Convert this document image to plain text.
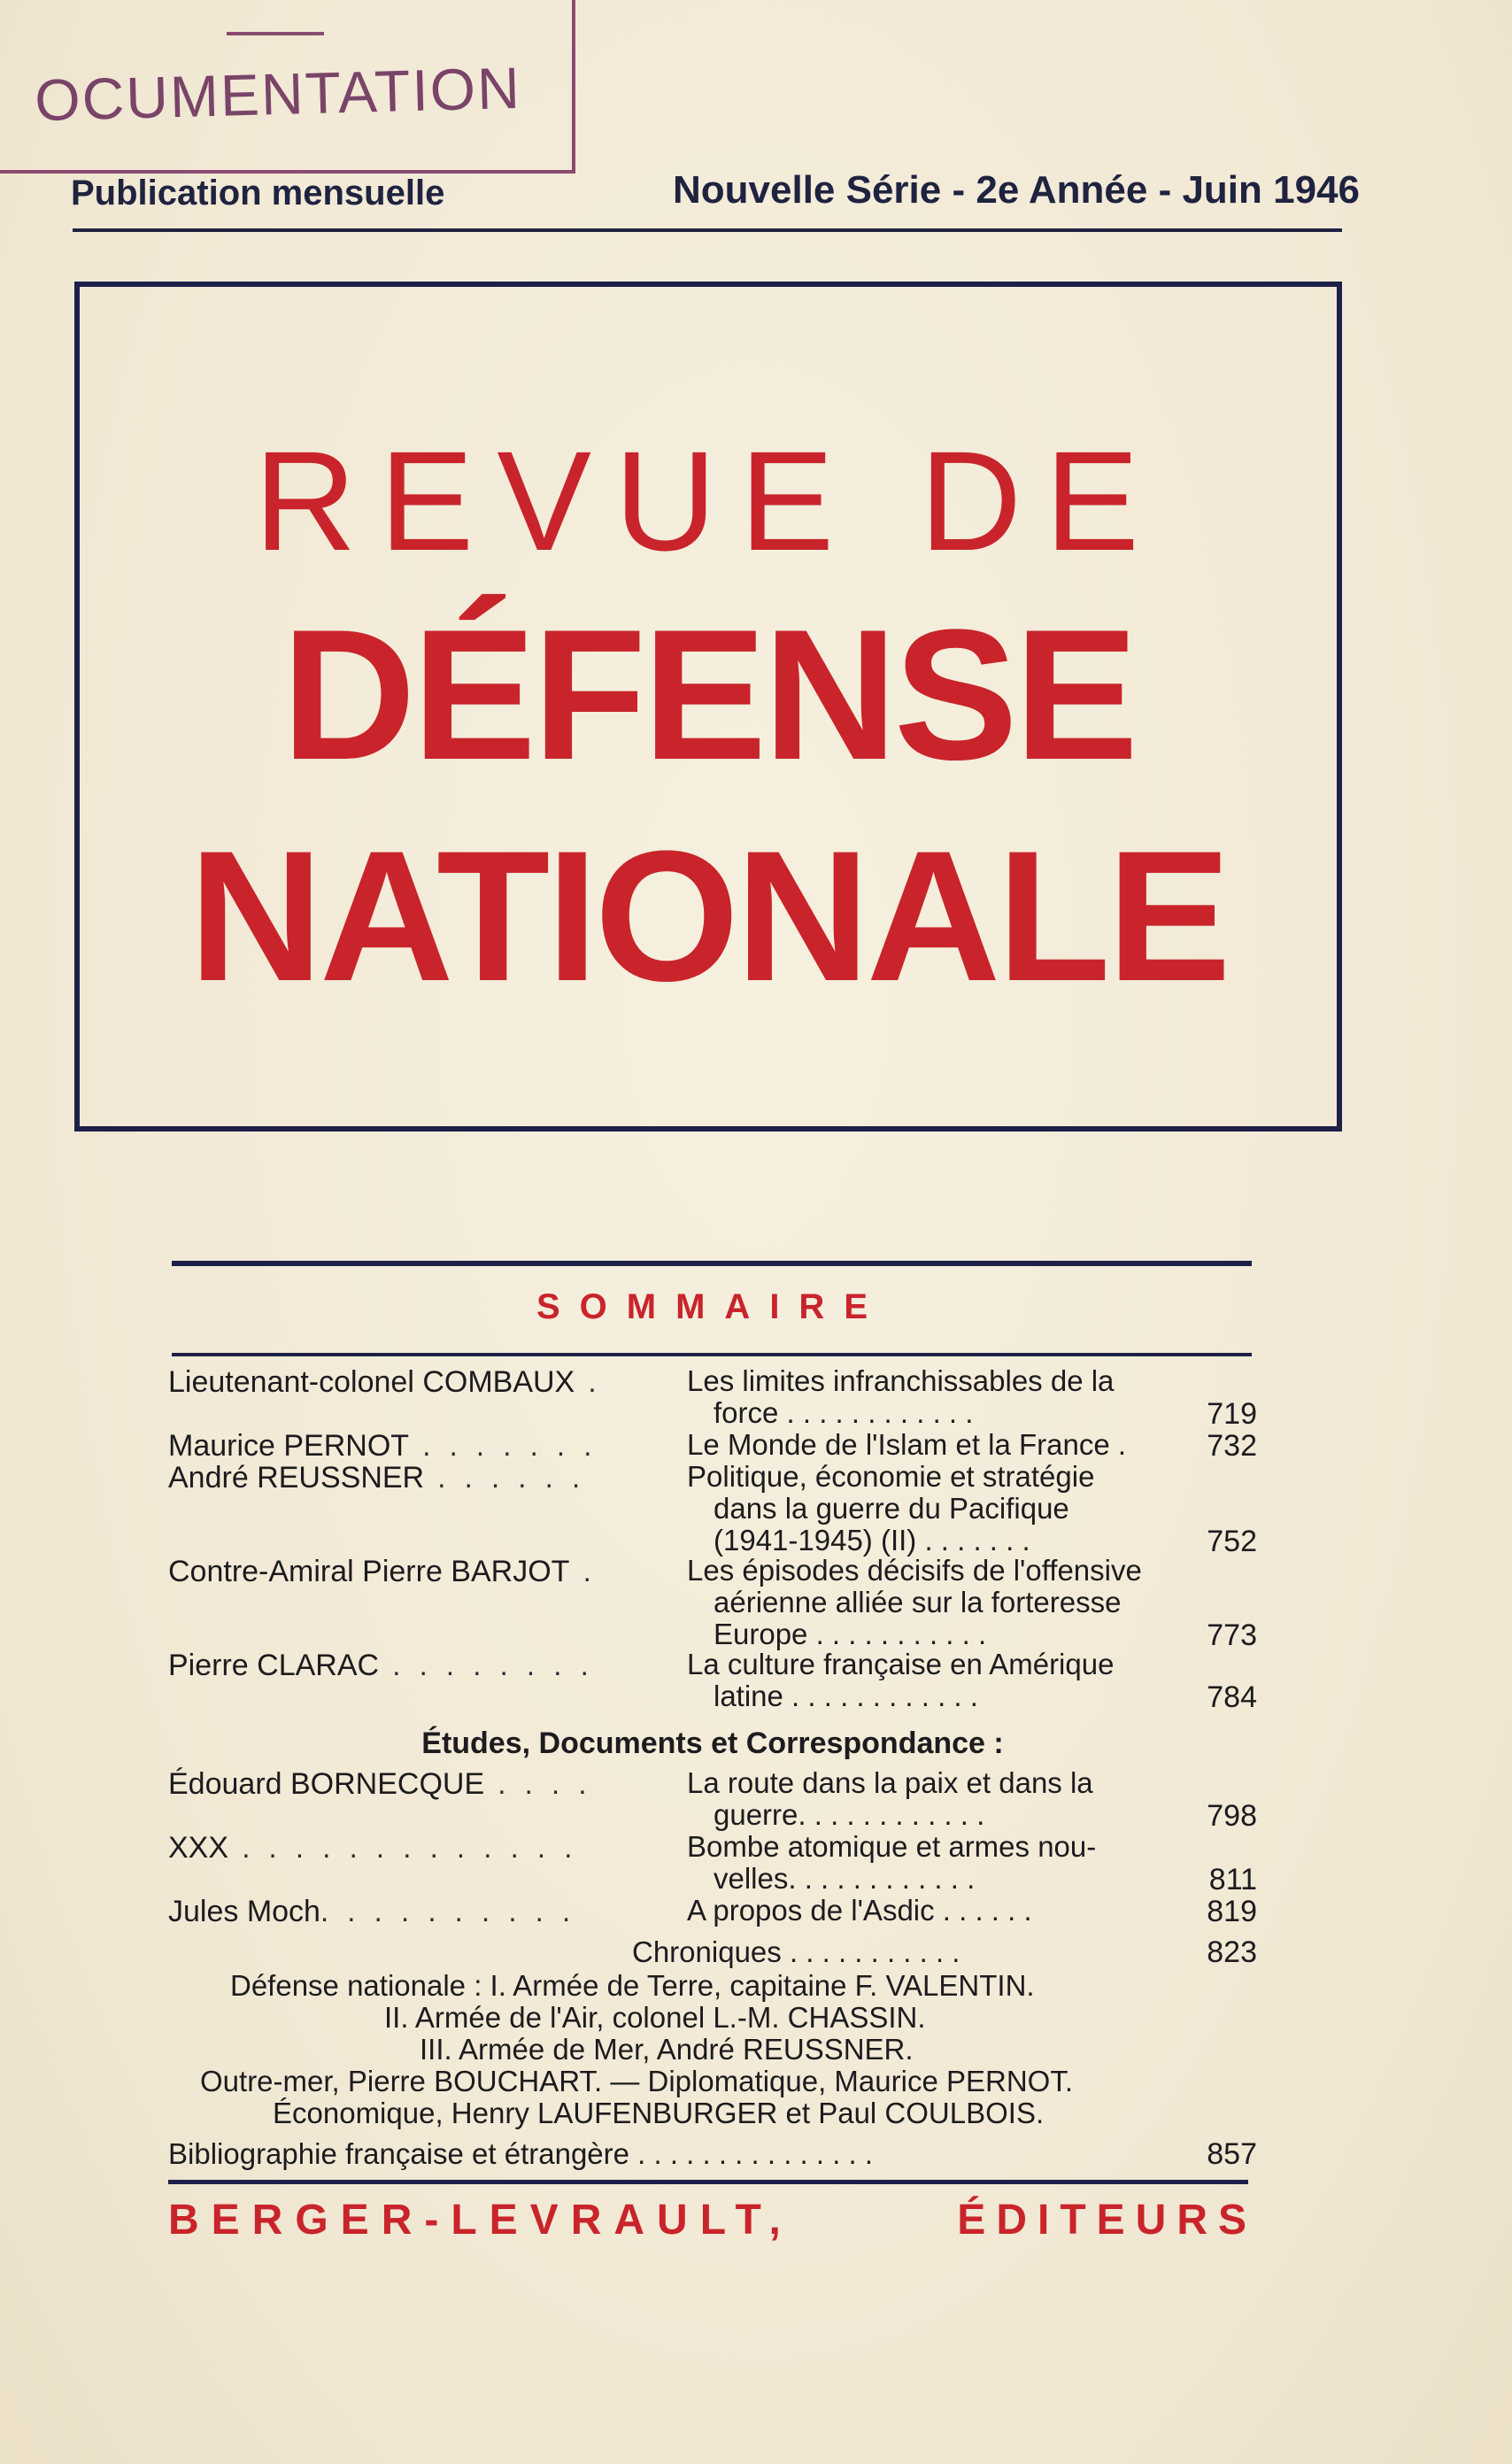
OCUMENTATION
Publication mensuelle	Nouvelle Série - 2e Année - Juin 1946
REVUE DE
DÉFENSE
NATIONALE
SOMMAIRE
Lieutenant-colonel COMBAUX .	Les limites infranchissables de la
force . . . . . . . . . . . .	719
Maurice PERNOT . . . . . . .	Le Monde de l'Islam et la France .	732
André REUSSNER . . . . . .	Politique, économie et stratégie
dans la guerre du Pacifique
(1941-1945) (II) . . . . . . .	752
Contre-Amiral Pierre BARJOT .	Les épisodes décisifs de l'offensive
aérienne alliée sur la forteresse
Europe . . . . . . . . . . .	773
Pierre CLARAC . . . . . . . .	La culture française en Amérique
latine . . . . . . . . . . . .	784
Études, Documents et Correspondance :
Édouard BORNECQUE . . . .	La route dans la paix et dans la
guerre. . . . . . . . . . . .	798
XXX . . . . . . . . . . . . .	Bombe atomique et armes nou-
velles. . . . . . . . . . . .	811
Jules Moch. . . . . . . . . .	A propos de l'Asdic . . . . . .	819
Chroniques . . . . . . . . . . .	823
Défense nationale : I. Armée de Terre, capitaine F. VALENTIN.
II. Armée de l'Air, colonel L.-M. CHASSIN.
III. Armée de Mer, André REUSSNER.
Outre-mer, Pierre BOUCHART. — Diplomatique, Maurice PERNOT.
Économique, Henry LAUFENBURGER et Paul COULBOIS.
Bibliographie française et étrangère . . . . . . . . . . . . . . .	857
BERGER-LEVRAULT,	ÉDITEURS
